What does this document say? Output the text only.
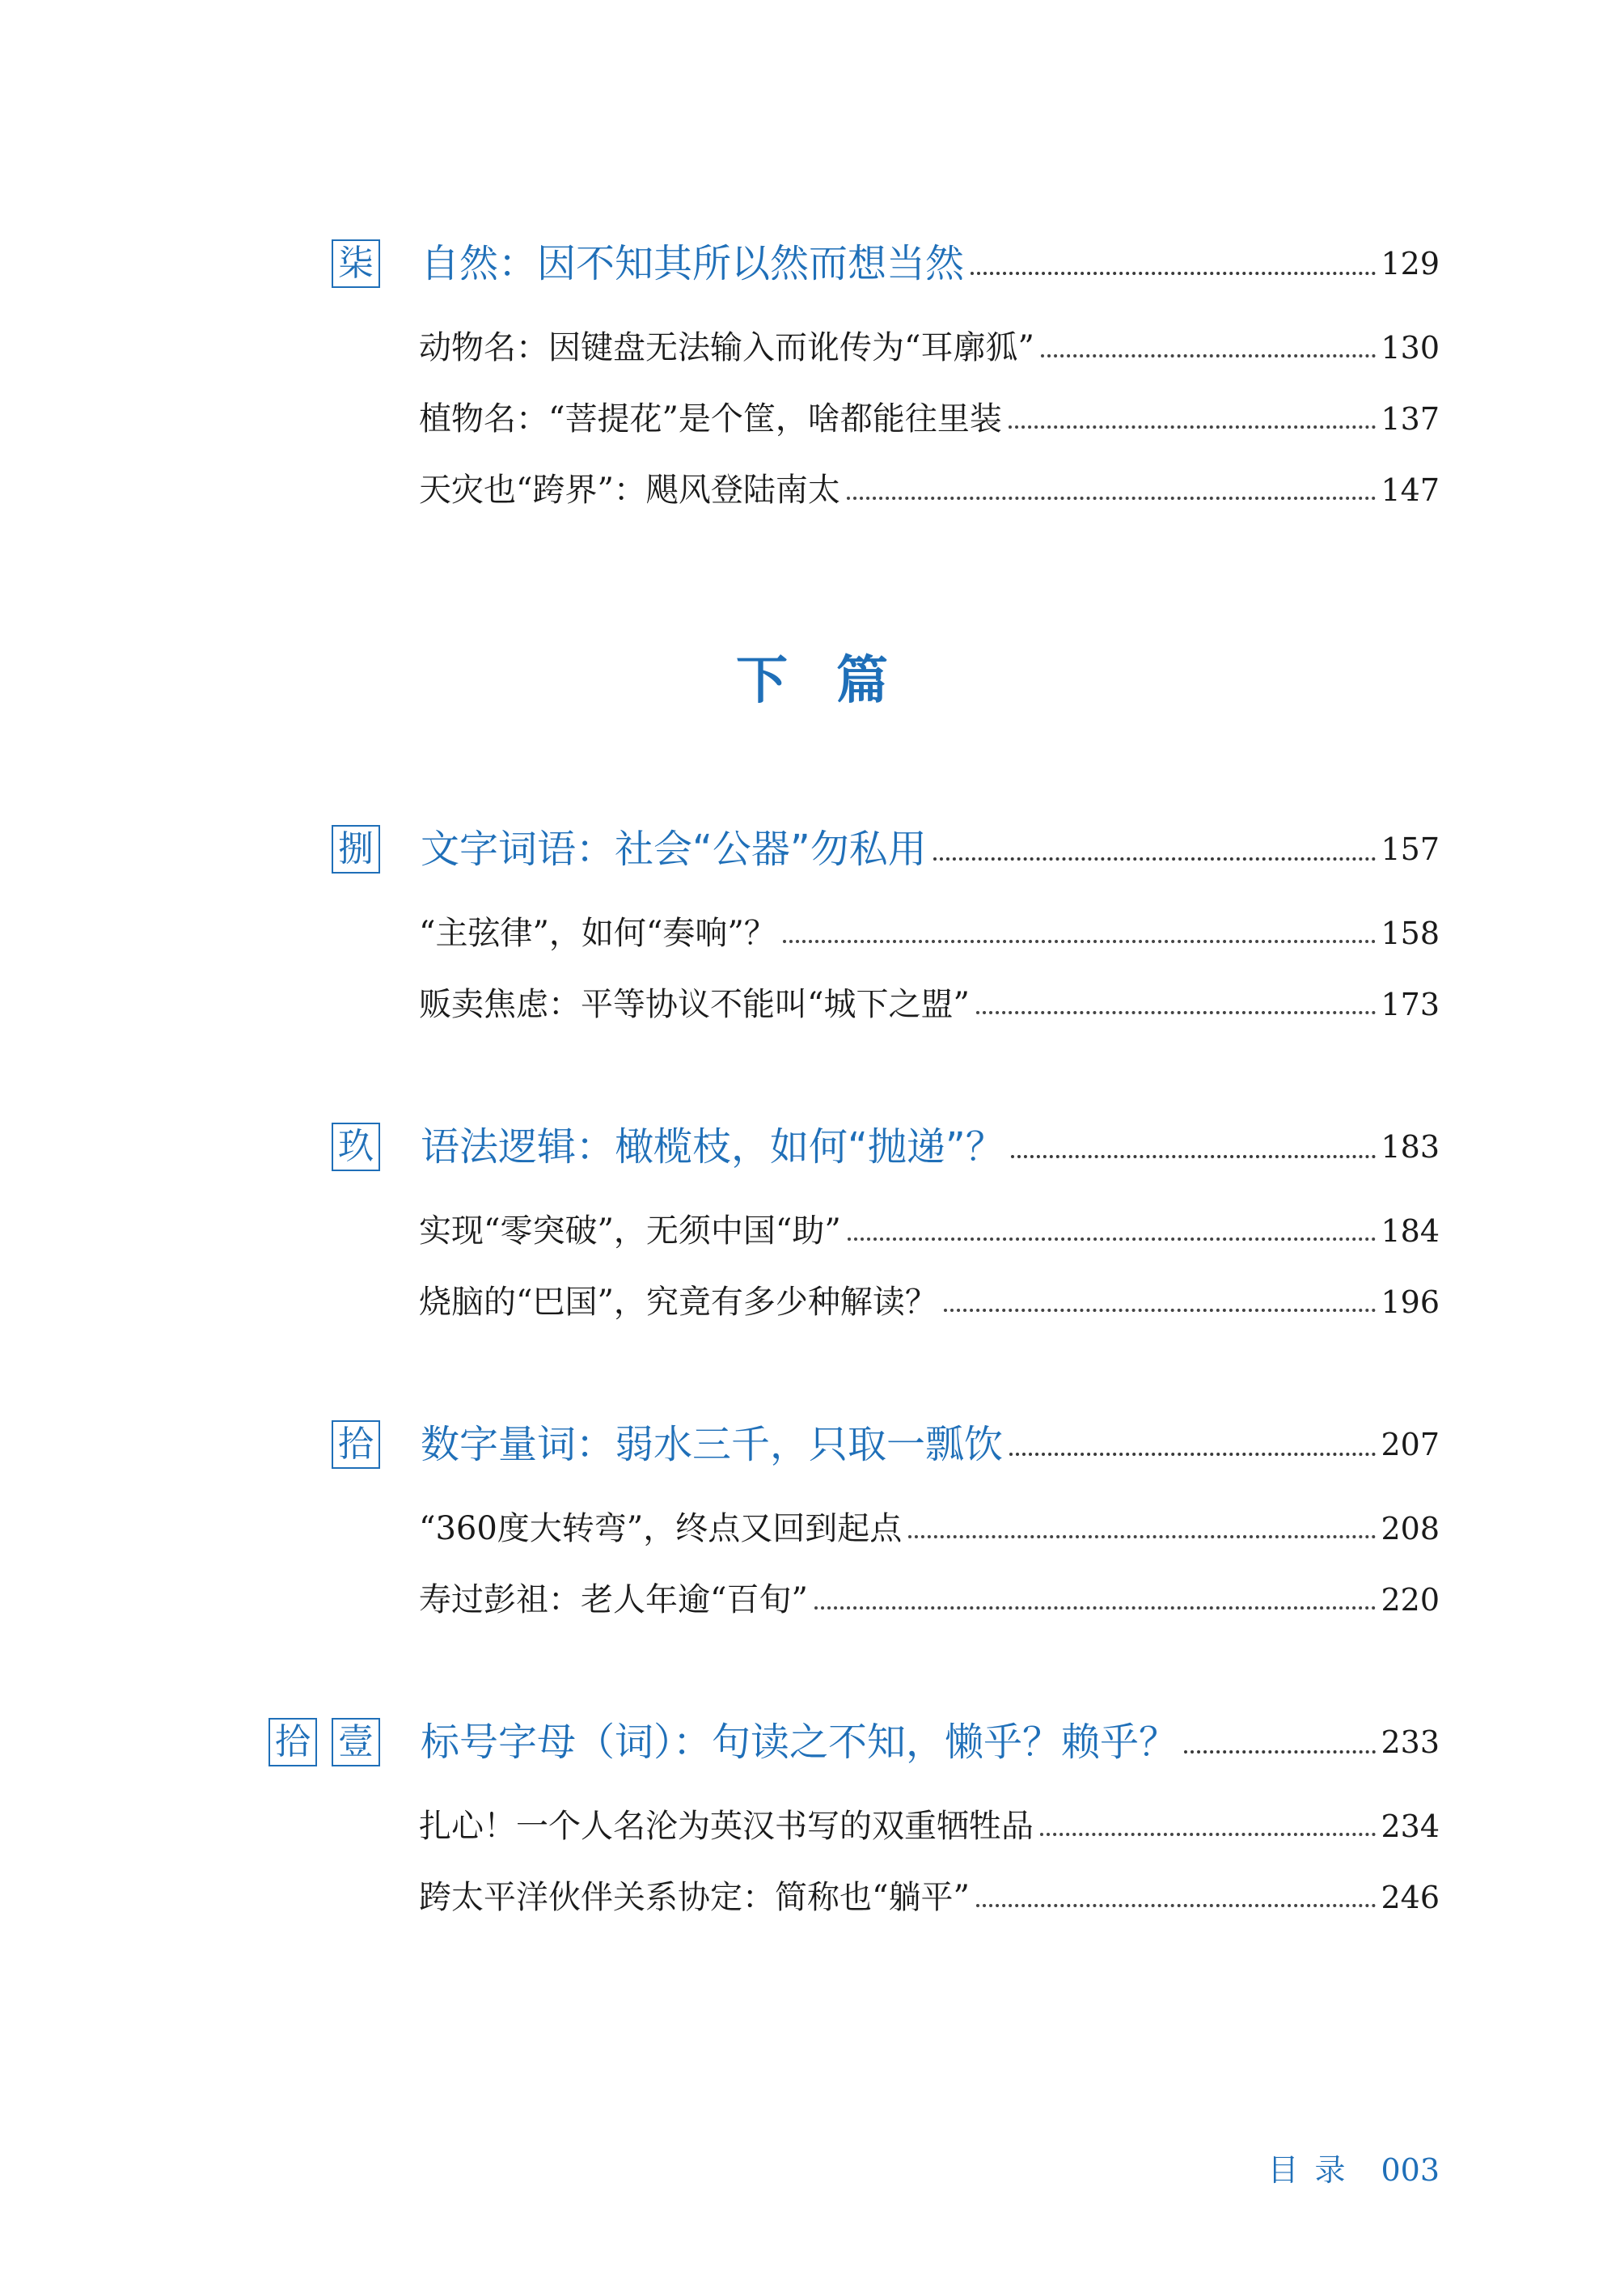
柒 自然：因不知其所以然而想当然	129
动物名：因键盘无法输入而讹传为“耳廓狐”	130
植物名：“菩提花”是个筐，啥都能往里装	137
天灾也“跨界”：飓风登陆南太	147
下篇
捌 文字词语：社会“公器”勿私用	157
“主弦律”，如何“奏响”？	158
贩卖焦虑：平等协议不能叫“城下之盟”	173
玖 语法逻辑：橄榄枝，如何“抛递”？	183
实现“零突破”，无须中国“助”	184
烧脑的“巴国”，究竟有多少种解读？	196
拾 数字量词：弱水三千，只取一瓢饮	207
“360度大转弯”，终点又回到起点	208
寿过彭祖：老人年逾“百旬”	220
拾 壹 标号字母（词）：句读之不知，懒乎？赖乎？	233
扎心！一个人名沦为英汉书写的双重牺牲品	234
跨太平洋伙伴关系协定：简称也“躺平”	246
目录 003
